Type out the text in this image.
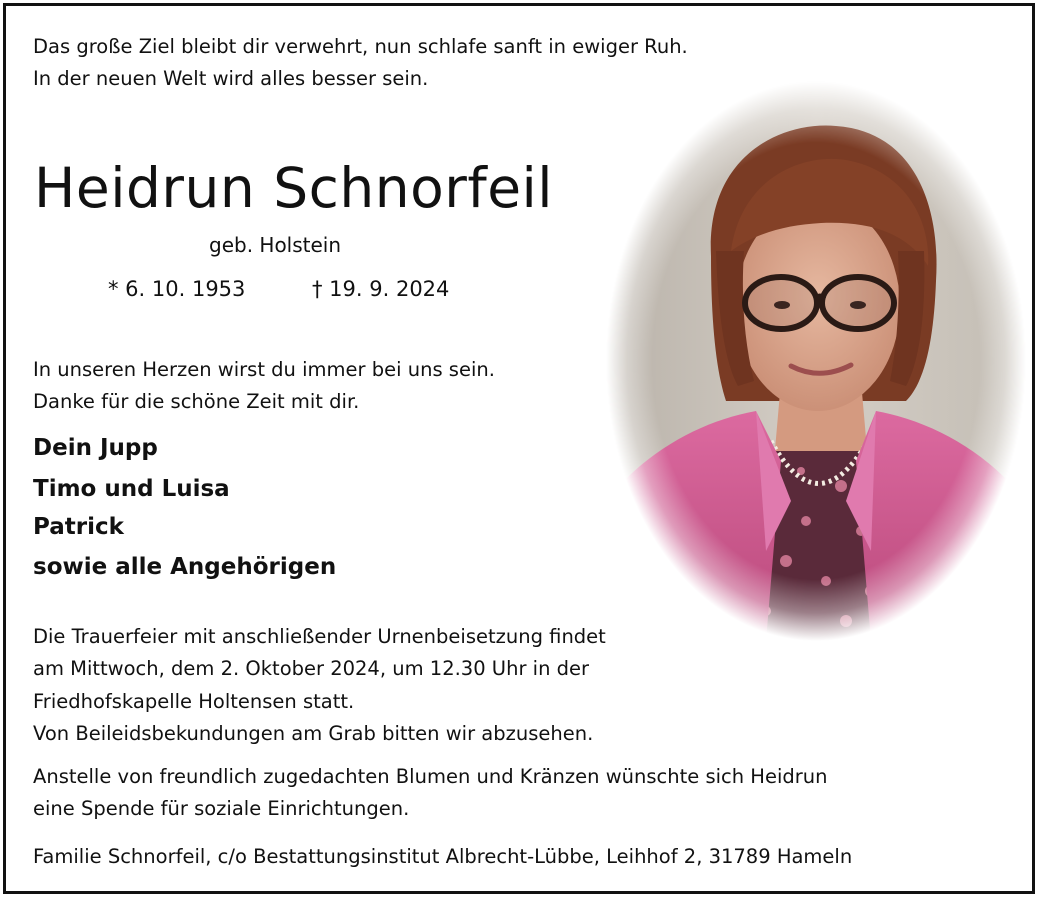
Das große Ziel bleibt dir verwehrt, nun schlafe sanft in ewiger Ruh.

In der neuen Welt wird alles besser sein.

Heidrun Schnorfeil

geb. Holstein

* 6. 10. 1953	† 19. 9. 2024

In unseren Herzen wirst du immer bei uns sein.

Danke für die schöne Zeit mit dir.

Dein Jupp

Timo und Luisa

Patrick

sowie alle Angehörigen

Die Trauerfeier mit anschließender Urnenbeisetzung findet

am Mittwoch, dem 2. Oktober 2024, um 12.30 Uhr in der

Friedhofskapelle Holtensen statt.

Von Beileidsbekundungen am Grab bitten wir abzusehen.

Anstelle von freundlich zugedachten Blumen und Kränzen wünschte sich Heidrun

eine Spende für soziale Einrichtungen.

Familie Schnorfeil, c/o Bestattungsinstitut Albrecht-Lübbe, Leihhof 2, 31789 Hameln
